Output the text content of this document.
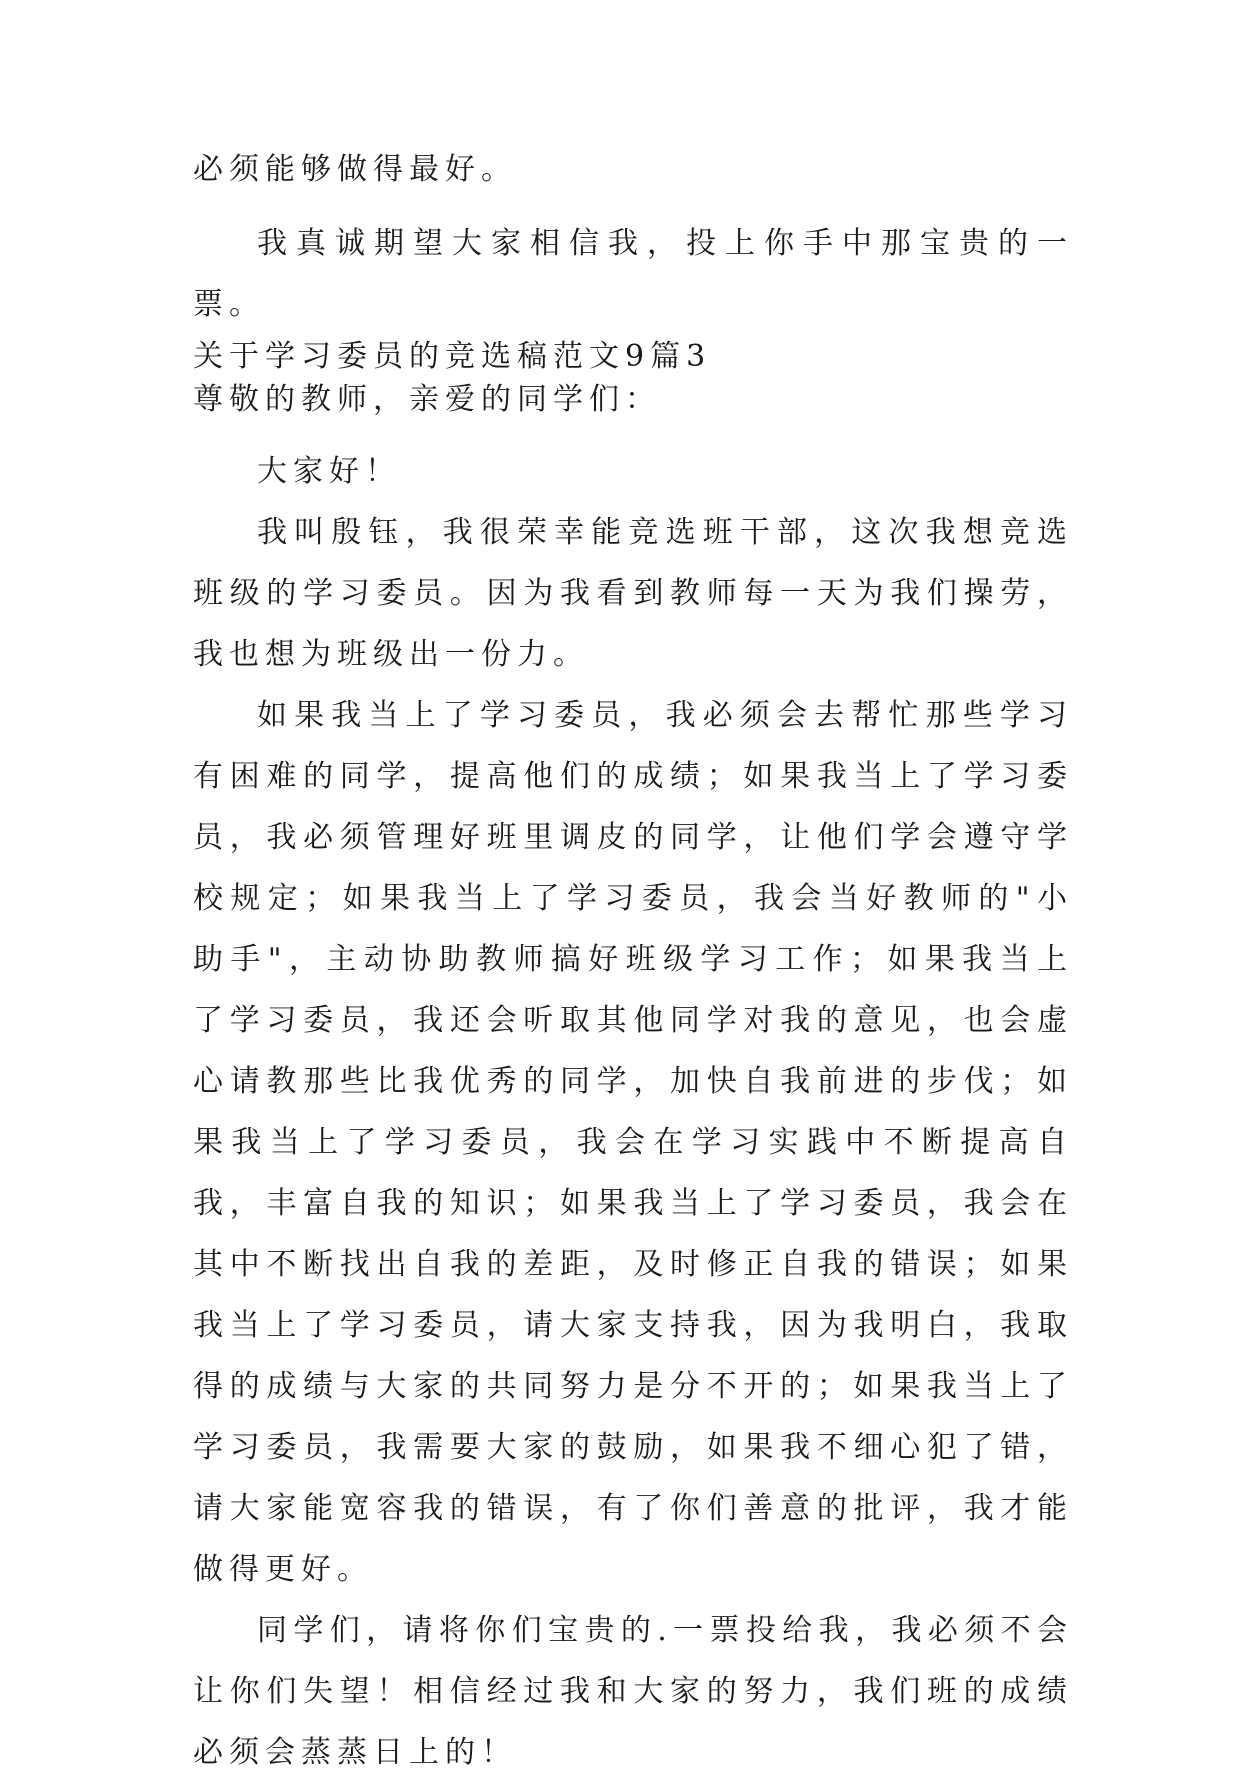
必须能够做得最好。

我真诚期望大家相信我，投上你手中那宝贵的一票。

关于学习委员的竞选稿范文9篇3
尊敬的教师，亲爱的同学们：

大家好！

我叫殷钰，我很荣幸能竞选班干部，这次我想竞选班级的学习委员。因为我看到教师每一天为我们操劳，我也想为班级出一份力。

如果我当上了学习委员，我必须会去帮忙那些学习有困难的同学，提高他们的成绩；如果我当上了学习委员，我必须管理好班里调皮的同学，让他们学会遵守学校规定；如果我当上了学习委员，我会当好教师的"小助手"，主动协助教师搞好班级学习工作；如果我当上了学习委员，我还会听取其他同学对我的意见，也会虚心请教那些比我优秀的同学，加快自我前进的步伐；如果我当上了学习委员，我会在学习实践中不断提高自我，丰富自我的知识；如果我当上了学习委员，我会在其中不断找出自我的差距，及时修正自我的错误；如果我当上了学习委员，请大家支持我，因为我明白，我取得的成绩与大家的共同努力是分不开的；如果我当上了学习委员，我需要大家的鼓励，如果我不细心犯了错，请大家能宽容我的错误，有了你们善意的批评，我才能做得更好。

同学们，请将你们宝贵的.一票投给我，我必须不会让你们失望！相信经过我和大家的努力，我们班的成绩必须会蒸蒸日上的！
